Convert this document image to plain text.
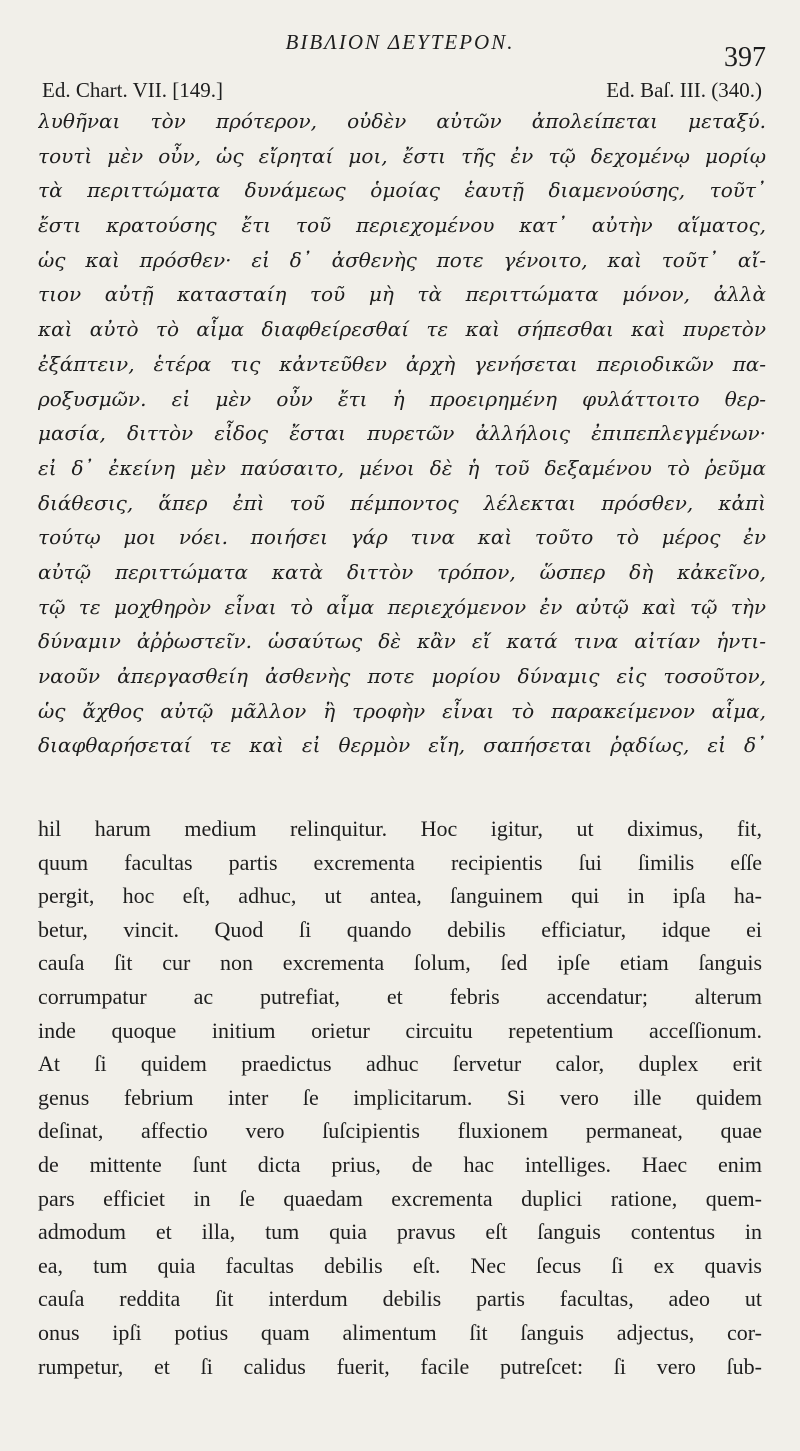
BIBΛΙΟΝ ΔΕΥΤΕΡΟΝ.	397
Ed. Chart. VII. [149.]	Ed. Baſ. III. (340.)
λυθῆναι τὸν πρότερον, οὐδὲν αὐτῶν ἀπολείπεται μεταξύ.
τουτὶ μὲν οὖν, ὡς εἴρηταί μοι, ἔστι τῆς ἐν τῷ δεχομένῳ μορίῳ
τὰ περιττώματα δυνάμεως ὁμοίας ἑαυτῇ διαμενούσης, τοῦτ᾽
ἔστι κρατούσης ἔτι τοῦ περιεχομένου κατ᾽ αὐτὴν αἵματος,
ὡς καὶ πρόσθεν· εἰ δ᾽ ἀσθενὴς ποτε γένοιτο, καὶ τοῦτ᾽ αἴ-
τιον αὐτῇ κατασταίη τοῦ μὴ τὰ περιττώματα μόνον, ἀλλὰ
καὶ αὐτὸ τὸ αἷμα διαφθείρεσθαί τε καὶ σήπεσθαι καὶ πυρετὸν
ἐξάπτειν, ἑτέρα τις κἀντεῦθεν ἀρχὴ γενήσεται περιοδικῶν πα-
ροξυσμῶν. εἰ μὲν οὖν ἔτι ἡ προειρημένη φυλάττοιτο θερ-
μασία, διττὸν εἶδος ἔσται πυρετῶν ἀλλήλοις ἐπιπεπλεγμένων·
εἰ δ᾽ ἐκείνη μὲν παύσαιτο, μένοι δὲ ἡ τοῦ δεξαμένου τὸ ῥεῦμα
διάθεσις, ἅπερ ἐπὶ τοῦ πέμποντος λέλεκται πρόσθεν, κἀπὶ
τούτῳ μοι νόει. ποιήσει γάρ τινα καὶ τοῦτο τὸ μέρος ἐν
αὐτῷ περιττώματα κατὰ διττὸν τρόπον, ὥσπερ δὴ κἀκεῖνο,
τῷ τε μοχθηρὸν εἶναι τὸ αἷμα περιεχόμενον ἐν αὐτῷ καὶ τῷ τὴν
δύναμιν ἀῤῥωστεῖν. ὡσαύτως δὲ κἂν εἴ κατά τινα αἰτίαν ἡντι-
ναοῦν ἀπεργασθείη ἀσθενὴς ποτε μορίου δύναμις εἰς τοσοῦτον,
ὡς ἄχθος αὐτῷ μᾶλλον ἢ τροφὴν εἶναι τὸ παρακείμενον αἷμα,
διαφθαρήσεταί τε καὶ εἰ θερμὸν εἴη, σαπήσεται ῥᾳδίως, εἰ δ᾽
hil harum medium relinquitur. Hoc igitur, ut diximus, fit,
quum facultas partis excrementa recipientis ſui ſimilis eſſe
pergit, hoc eſt, adhuc, ut antea, ſanguinem qui in ipſa ha-
betur, vincit. Quod ſi quando debilis efficiatur, idque ei
cauſa ſit cur non excrementa ſolum, ſed ipſe etiam ſanguis
corrumpatur ac putrefiat, et febris accendatur; alterum
inde quoque initium orietur circuitu repetentium acceſſionum.
At ſi quidem praedictus adhuc ſervetur calor, duplex erit
genus febrium inter ſe implicitarum. Si vero ille quidem
deſinat, affectio vero ſuſcipientis fluxionem permaneat, quae
de mittente ſunt dicta prius, de hac intelliges. Haec enim
pars efficiet in ſe quaedam excrementa duplici ratione, quem-
admodum et illa, tum quia pravus eſt ſanguis contentus in
ea, tum quia facultas debilis eſt. Nec ſecus ſi ex quavis
cauſa reddita ſit interdum debilis partis facultas, adeo ut
onus ipſi potius quam alimentum ſit ſanguis adjectus, cor-
rumpetur, et ſi calidus fuerit, facile putreſcet: ſi vero ſub-
